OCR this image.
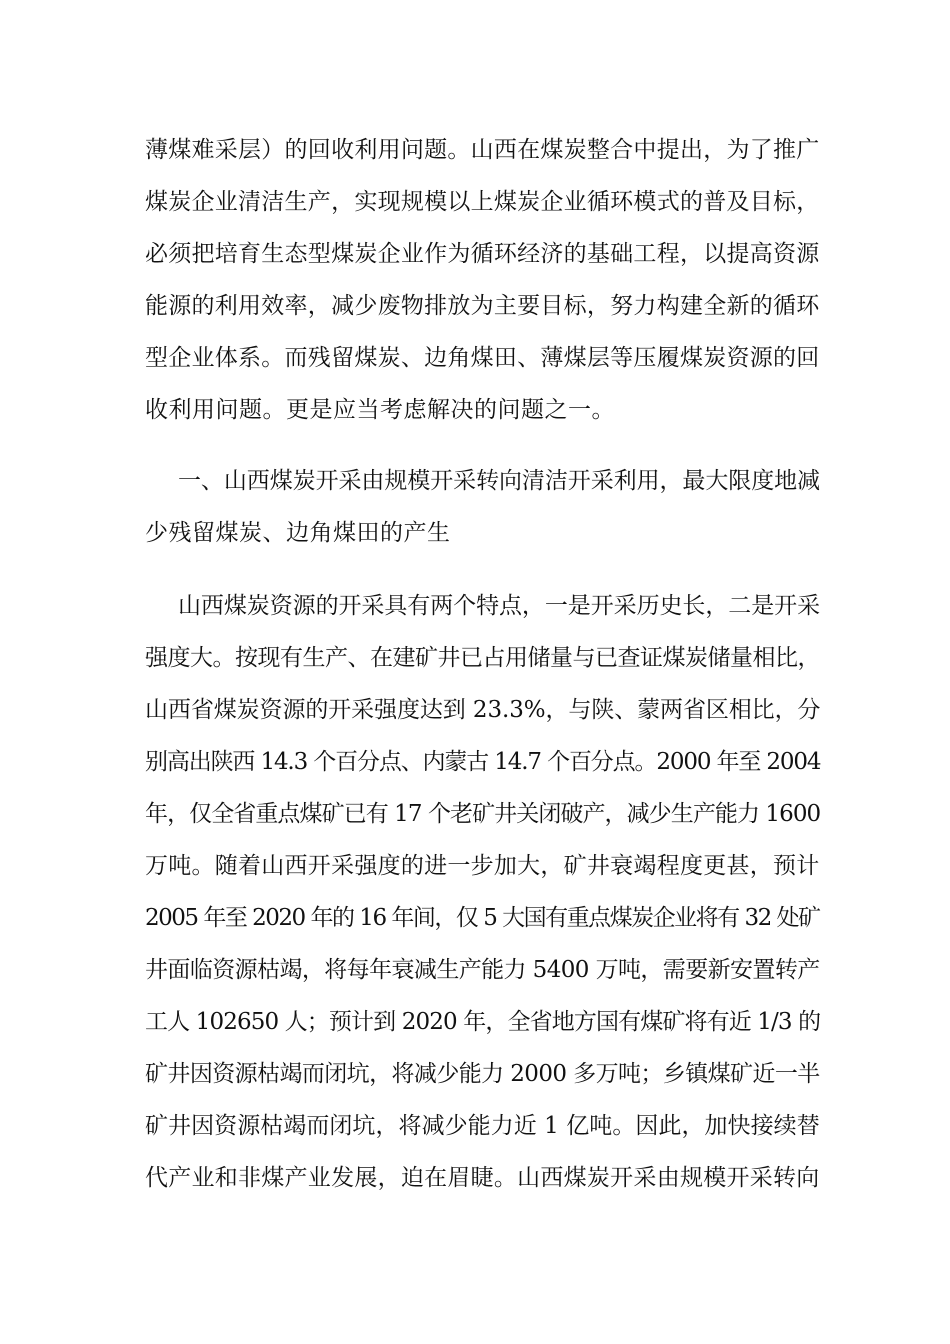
薄煤难采层）的回收利用问题。山西在煤炭整合中提出，为了推广

煤炭企业清洁生产，实现规模以上煤炭企业循环模式的普及目标，

必须把培育生态型煤炭企业作为循环经济的基础工程，以提高资源

能源的利用效率，减少废物排放为主要目标，努力构建全新的循环

型企业体系。而残留煤炭、边角煤田、薄煤层等压履煤炭资源的回

收利用问题。更是应当考虑解决的问题之一。

一、山西煤炭开采由规模开采转向清洁开采利用，最大限度地减

少残留煤炭、边角煤田的产生

山西煤炭资源的开采具有两个特点，一是开采历史长，二是开采

强度大。按现有生产、在建矿井已占用储量与已查证煤炭储量相比，

山西省煤炭资源的开采强度达到 23.3%，与陕、蒙两省区相比，分

别高出陕西 14.3 个百分点、内蒙古 14.7 个百分点。2000 年至 2004

年，仅全省重点煤矿已有 17 个老矿井关闭破产，减少生产能力 1600

万吨。随着山西开采强度的进一步加大，矿井衰竭程度更甚，预计

2005 年至 2020 年的 16 年间，仅 5 大国有重点煤炭企业将有 32 处矿

井面临资源枯竭，将每年衰减生产能力 5400 万吨，需要新安置转产

工人 102650 人；预计到 2020 年，全省地方国有煤矿将有近 1/3 的

矿井因资源枯竭而闭坑，将减少能力 2000 多万吨；乡镇煤矿近一半

矿井因资源枯竭而闭坑，将减少能力近 1 亿吨。因此，加快接续替

代产业和非煤产业发展，迫在眉睫。山西煤炭开采由规模开采转向
